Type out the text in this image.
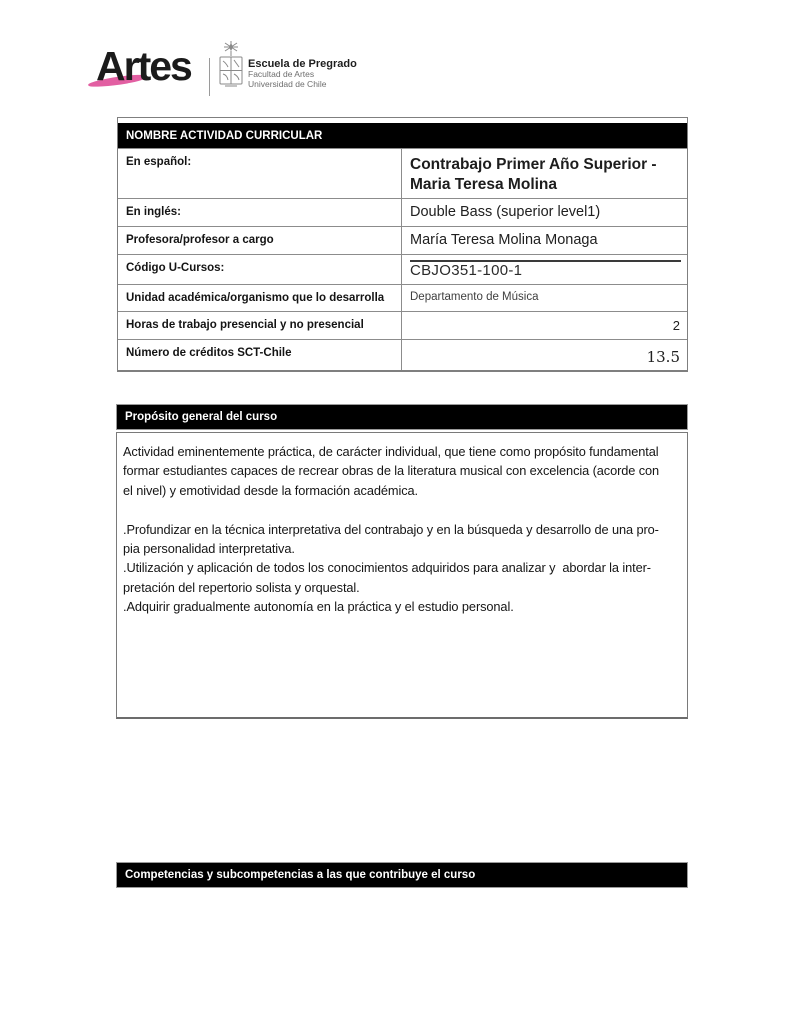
Artes	Escuela de Pregrado
Facultad de Artes
Universidad de Chile
NOMBRE ACTIVIDAD CURRICULAR
En español:	Contrabajo Primer Año Superior - Maria Teresa Molina
En inglés:	Double Bass (superior level1)
Profesora/profesor a cargo	María Teresa Molina Monaga
Código U-Cursos:	CBJO351-100-1
Unidad académica/organismo que lo desarrolla	Departamento de Música
Horas de trabajo presencial y no presencial	2
Número de créditos SCT-Chile	13.5
Propósito general del curso
Actividad eminentemente práctica, de carácter individual, que tiene como propósito fundamental
formar estudiantes capaces de recrear obras de la literatura musical con excelencia (acorde con
el nivel) y emotividad desde la formación académica.
.Profundizar en la técnica interpretativa del contrabajo y en la búsqueda y desarrollo de una pro-
pia personalidad interpretativa.
.Utilización y aplicación de todos los conocimientos adquiridos para analizar y  abordar la inter-
pretación del repertorio solista y orquestal.
.Adquirir gradualmente autonomía en la práctica y el estudio personal.
Competencias y subcompetencias a las que contribuye el curso
